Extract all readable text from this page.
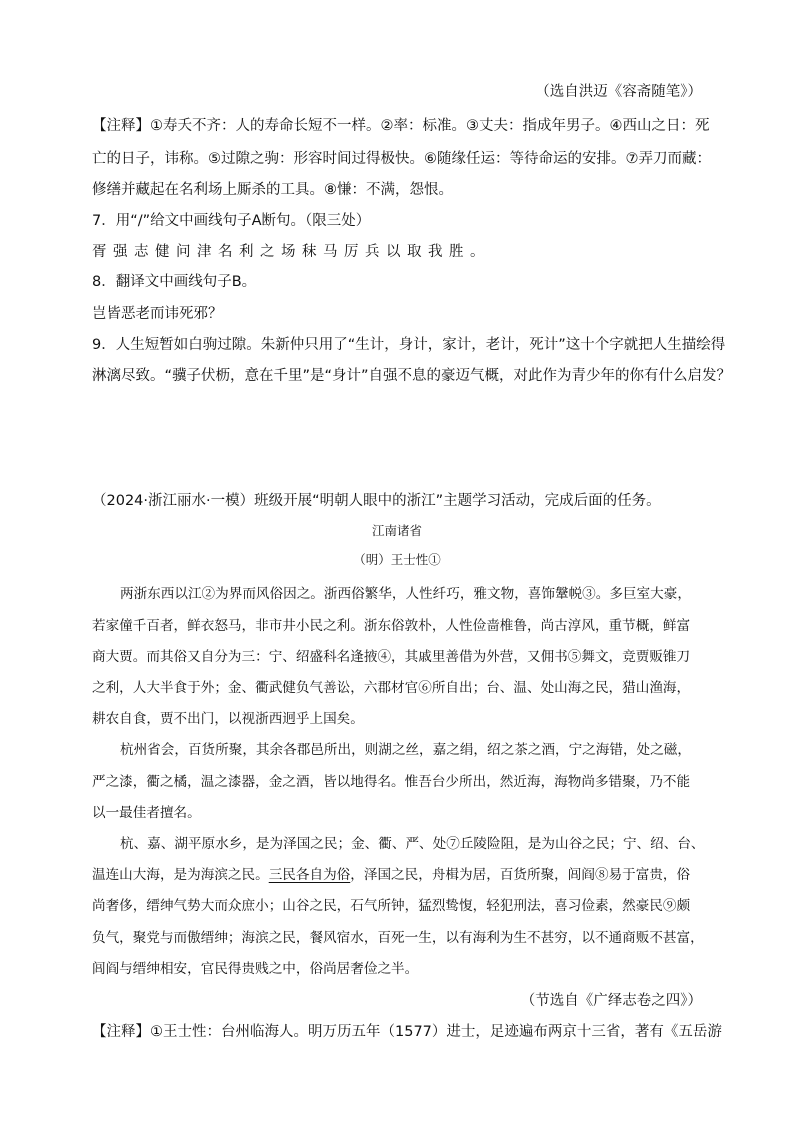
（选自洪迈《容斋随笔》）
【注释】①寿夭不齐：人的寿命长短不一样。②率：标准。③丈夫：指成年男子。④西山之日：死
亡的日子，讳称。⑤过隙之驹：形容时间过得极快。⑥随缘任运：等待命运的安排。⑦弄刀而藏：
修缮并藏起在名利场上厮杀的工具。⑧慊：不满，怨恨。
7．用“/”给文中画线句子A断句。（限三处）
胥强志健问津名利之场秣马厉兵以取我胜。
8．翻译文中画线句子B。
岂皆恶老而讳死邪？
9．人生短暂如白驹过隙。朱新仲只用了“生计，身计，家计，老计，死计”这十个字就把人生描绘得
淋漓尽致。“骥子伏枥，意在千里”是“身计”自强不息的豪迈气概，对此作为青少年的你有什么启发？
（2024·浙江丽水·一模）班级开展“明朝人眼中的浙江”主题学习活动，完成后面的任务。
江南诸省
（明）王士性①
两浙东西以江②为界而风俗因之。浙西俗繁华，人性纤巧，雅文物，喜饰鞶帨③。多巨室大豪，
若家僮千百者，鲜衣怒马，非市井小民之利。浙东俗敦朴，人性俭啬椎鲁，尚古淳风，重节概，鲜富
商大贾。而其俗又自分为三：宁、绍盛科名逢掖④，其戚里善借为外营，又佣书⑤舞文，竞贾贩锥刀
之利，人大半食于外；金、衢武健负气善讼，六郡材官⑥所自出；台、温、处山海之民，猎山渔海，
耕农自食，贾不出门，以视浙西迥乎上国矣。
杭州省会，百货所聚，其余各郡邑所出，则湖之丝，嘉之绢，绍之茶之酒，宁之海错，处之磁，
严之漆，衢之橘，温之漆器，金之酒，皆以地得名。惟吾台少所出，然近海，海物尚多错聚，乃不能
以一最佳者擅名。
杭、嘉、湖平原水乡，是为泽国之民；金、衢、严、处⑦丘陵险阻，是为山谷之民；宁、绍、台、
温连山大海，是为海滨之民。三民各自为俗，泽国之民，舟楫为居，百货所聚，闾阎⑧易于富贵，俗
尚奢侈，缙绅气势大而众庶小；山谷之民，石气所钟，猛烈鸷愎，轻犯刑法，喜习俭素，然豪民⑨颇
负气，聚党与而傲缙绅；海滨之民，餐风宿水，百死一生，以有海利为生不甚穷，以不通商贩不甚富，
闾阎与缙绅相安，官民得贵贱之中，俗尚居奢俭之半。
（节选自《广绎志卷之四》）
【注释】①王士性：台州临海人。明万历五年（1577）进士，足迹遍布两京十三省，著有《五岳游
